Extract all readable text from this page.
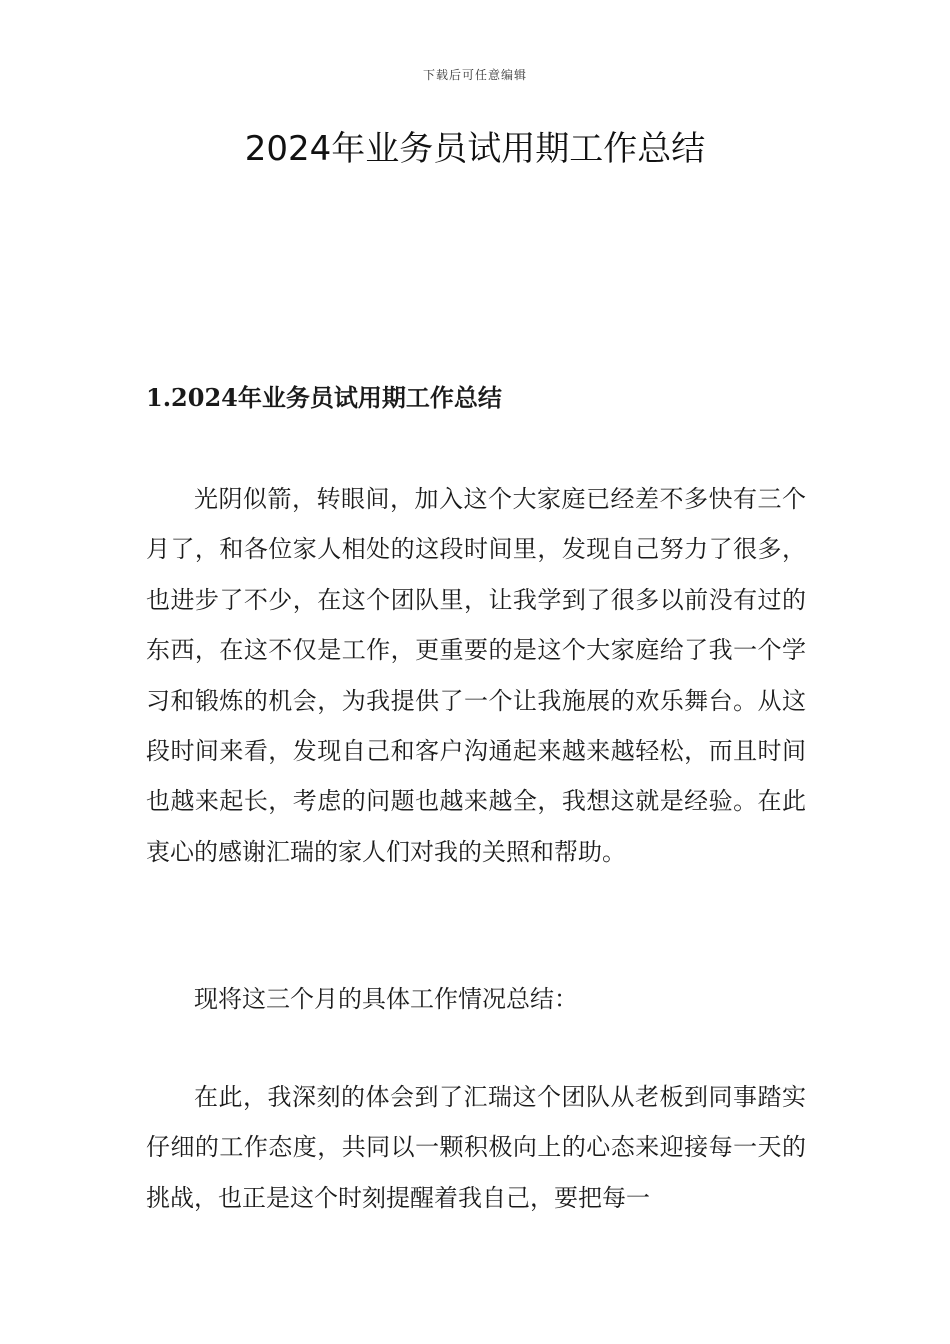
下载后可任意编辑
2024年业务员试用期工作总结
1.2024年业务员试用期工作总结

光阴似箭，转眼间，加入这个大家庭已经差不多快有三个月了，和各位家人相处的这段时间里，发现自己努力了很多，也进步了不少，在这个团队里，让我学到了很多以前没有过的东西，在这不仅是工作，更重要的是这个大家庭给了我一个学习和锻炼的机会，为我提供了一个让我施展的欢乐舞台。从这段时间来看，发现自己和客户沟通起来越来越轻松，而且时间也越来起长，考虑的问题也越来越全，我想这就是经验。在此衷心的感谢汇瑞的家人们对我的关照和帮助。

现将这三个月的具体工作情况总结：

在此，我深刻的体会到了汇瑞这个团队从老板到同事踏实仔细的工作态度，共同以一颗积极向上的心态来迎接每一天的挑战，也正是这个时刻提醒着我自己，要把每一
